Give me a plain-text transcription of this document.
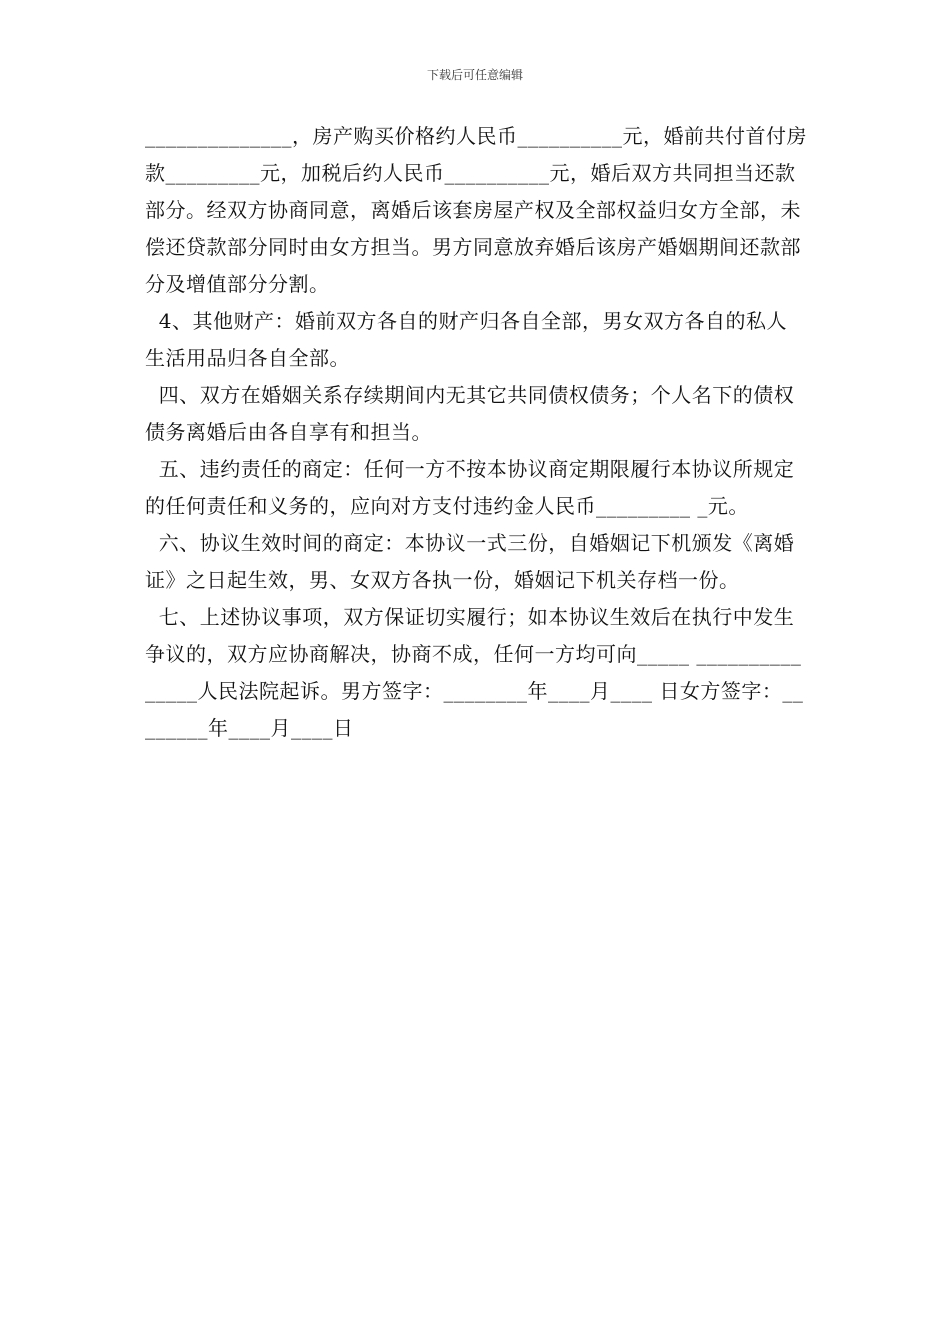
下载后可任意编辑

______________，房产购买价格约人民币__________元，婚前共付首付房款_________元，加税后约人民币__________元，婚后双方共同担当还款部分。经双方协商同意，离婚后该套房屋产权及全部权益归女方全部，未偿还贷款部分同时由女方担当。男方同意放弃婚后该房产婚姻期间还款部分及增值部分分割。

4、其他财产：婚前双方各自的财产归各自全部，男女双方各自的私人生活用品归各自全部。

四、双方在婚姻关系存续期间内无其它共同债权债务；个人名下的债权债务离婚后由各自享有和担当。

五、违约责任的商定：任何一方不按本协议商定期限履行本协议所规定的任何责任和义务的，应向对方支付违约金人民币_________ _元。

六、协议生效时间的商定：本协议一式三份，自婚姻记下机颁发《离婚证》之日起生效，男、女双方各执一份，婚姻记下机关存档一份。

七、上述协议事项，双方保证切实履行；如本协议生效后在执行中发生争议的，双方应协商解决，协商不成，任何一方均可向_____ _______________人民法院起诉。男方签字：________年____月____ 日女方签字：________年____月____日
